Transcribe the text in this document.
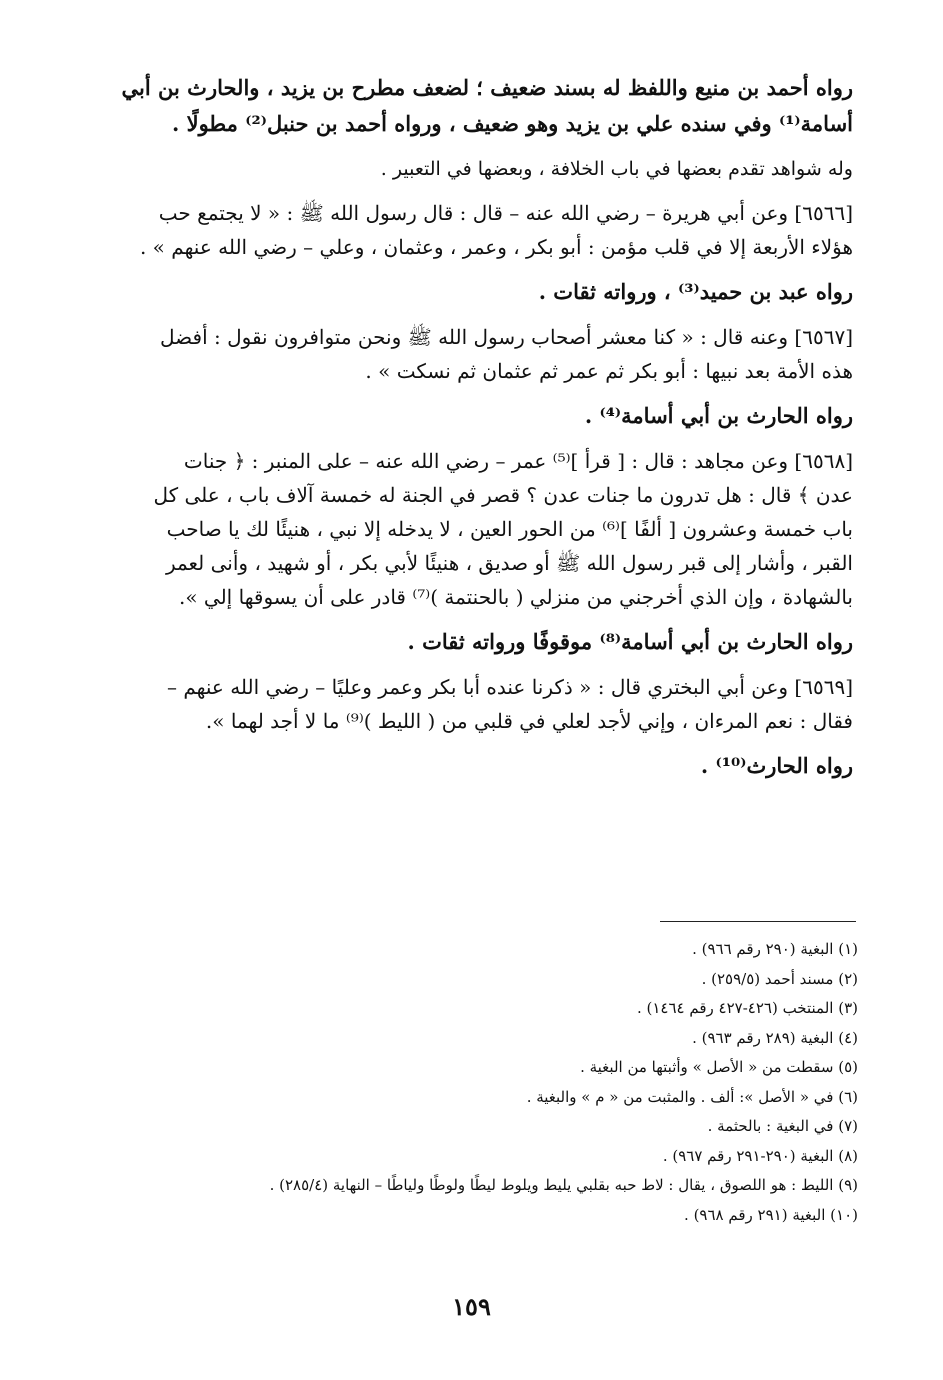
رواه أحمد بن منيع واللفظ له بسند ضعيف ؛ لضعف مطرح بن يزيد ، والحارث بن أبي
أسامة⁽¹⁾ وفي سنده علي بن يزيد وهو ضعيف ، ورواه أحمد بن حنبل⁽²⁾ مطولًا .
وله شواهد تقدم بعضها في باب الخلافة ، وبعضها في التعبير .
[٦٥٦٦] وعن أبي هريرة – رضي الله عنه – قال : قال رسول الله ﷺ : « لا يجتمع حب
هؤلاء الأربعة إلا في قلب مؤمن : أبو بكر ، وعمر ، وعثمان ، وعلي – رضي الله عنهم » .
رواه عبد بن حميد⁽³⁾ ، ورواته ثقات .
[٦٥٦٧] وعنه قال : « كنا معشر أصحاب رسول الله ﷺ ونحن متوافرون نقول : أفضل
هذه الأمة بعد نبيها : أبو بكر ثم عمر ثم عثمان ثم نسكت » .
رواه الحارث بن أبي أسامة⁽⁴⁾ .
[٦٥٦٨] وعن مجاهد : قال : [ قرأ ]⁽⁵⁾ عمر – رضي الله عنه – على المنبر : ﴿ جنات
عدن ﴾ قال : هل تدرون ما جنات عدن ؟ قصر في الجنة له خمسة آلاف باب ، على كل
باب خمسة وعشرون [ ألفًا ]⁽⁶⁾ من الحور العين ، لا يدخله إلا نبي ، هنيئًا لك يا صاحب
القبر ، وأشار إلى قبر رسول الله ﷺ أو صديق ، هنيئًا لأبي بكر ، أو شهيد ، وأنى لعمر
بالشهادة ، وإن الذي أخرجني من منزلي ( بالحنتمة )⁽⁷⁾ قادر على أن يسوقها إلي ».
رواه الحارث بن أبي أسامة⁽⁸⁾ موقوفًا ورواته ثقات .
[٦٥٦٩] وعن أبي البختري قال : « ذكرنا عنده أبا بكر وعمر وعليًا – رضي الله عنهم –
فقال : نعم المرءان ، وإني لأجد لعلي في قلبي من ( الليط )⁽⁹⁾ ما لا أجد لهما ».
رواه الحارث⁽¹⁰⁾ .
(١) البغية (٢٩٠ رقم ٩٦٦) .
(٢) مسند أحمد (٢٥٩/٥) .
(٣) المنتخب (٤٢٦-٤٢٧ رقم ١٤٦٤) .
(٤) البغية (٢٨٩ رقم ٩٦٣) .
(٥) سقطت من « الأصل » وأثبتها من البغية .
(٦) في « الأصل »: ألف . والمثبت من « م » والبغية .
(٧) في البغية : بالحثمة .
(٨) البغية (٢٩٠-٢٩١ رقم ٩٦٧) .
(٩) الليط : هو اللصوق ، يقال : لاط حبه بقلبي يليط ويلوط ليطًا ولوطًا ولياطًا – النهاية (٢٨٥/٤) .
(١٠) البغية (٢٩١ رقم ٩٦٨) .
١٥٩
